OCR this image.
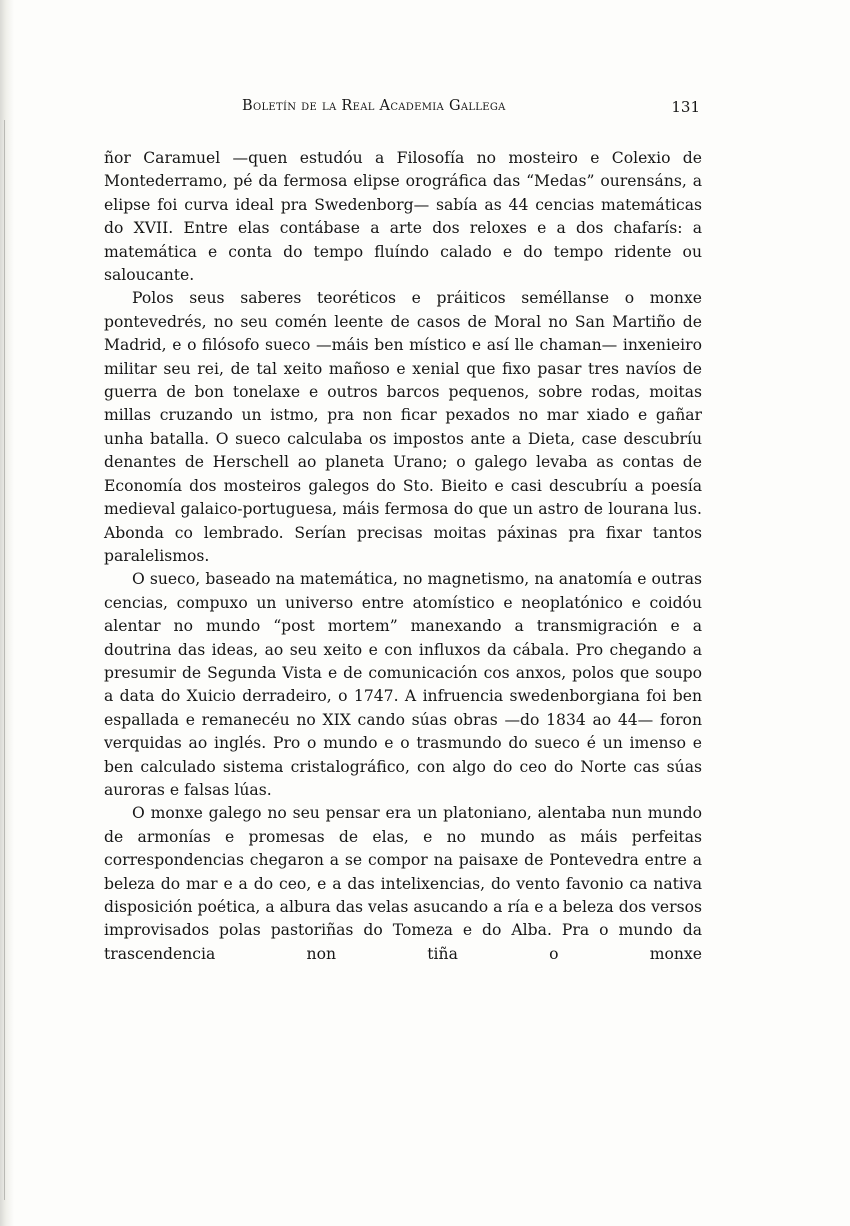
Boletín de la Real Academia Gallega	131

ñor Caramuel —quen estudóu a Filosofía no mosteiro e Colexio de Montederramo, pé da fermosa elipse orográfica das “Medas” ourensáns, a elipse foi curva ideal pra Swedenborg— sabía as 44 cencias matemáticas do XVII. Entre elas contábase a arte dos reloxes e a dos chafarís: a matemática e conta do tempo fluíndo calado e do tempo ridente ou saloucante.

Polos seus saberes teoréticos e práiticos seméllanse o monxe pontevedrés, no seu comén leente de casos de Moral no San Martiño de Madrid, e o filósofo sueco —máis ben místico e así lle chaman— inxenieiro militar seu rei, de tal xeito mañoso e xenial que fixo pasar tres navíos de guerra de bon tonelaxe e outros barcos pequenos, sobre rodas, moitas millas cruzando un istmo, pra non ficar pexados no mar xiado e gañar unha batalla. O sueco calculaba os impostos ante a Dieta, case descubríu denantes de Herschell ao planeta Urano; o galego levaba as contas de Economía dos mosteiros galegos do Sto. Bieito e casi descubríu a poesía medieval galaico-portuguesa, máis fermosa do que un astro de lourana lus. Abonda co lembrado. Serían precisas moitas páxinas pra fixar tantos paralelismos.

O sueco, baseado na matemática, no magnetismo, na anatomía e outras cencias, compuxo un universo entre atomístico e neoplatónico e coidóu alentar no mundo “post mortem” manexando a transmigración e a doutrina das ideas, ao seu xeito e con influxos da cábala. Pro chegando a presumir de Segunda Vista e de comunicación cos anxos, polos que soupo a data do Xuicio derradeiro, o 1747. A infruencia swedenborgiana foi ben espallada e remanecéu no XIX cando súas obras —do 1834 ao 44— foron verquidas ao inglés. Pro o mundo e o trasmundo do sueco é un imenso e ben calculado sistema cristalográfico, con algo do ceo do Norte cas súas auroras e falsas lúas.

O monxe galego no seu pensar era un platoniano, alentaba nun mundo de armonías e promesas de elas, e no mundo as máis perfeitas correspondencias chegaron a se compor na paisaxe de Pontevedra entre a beleza do mar e a do ceo, e a das intelixencias, do vento favonio ca nativa disposición poética, a albura das velas asucando a ría e a beleza dos versos improvisados polas pastoriñas do Tomeza e do Alba. Pra o mundo da trascendencia non tiña o monxe
